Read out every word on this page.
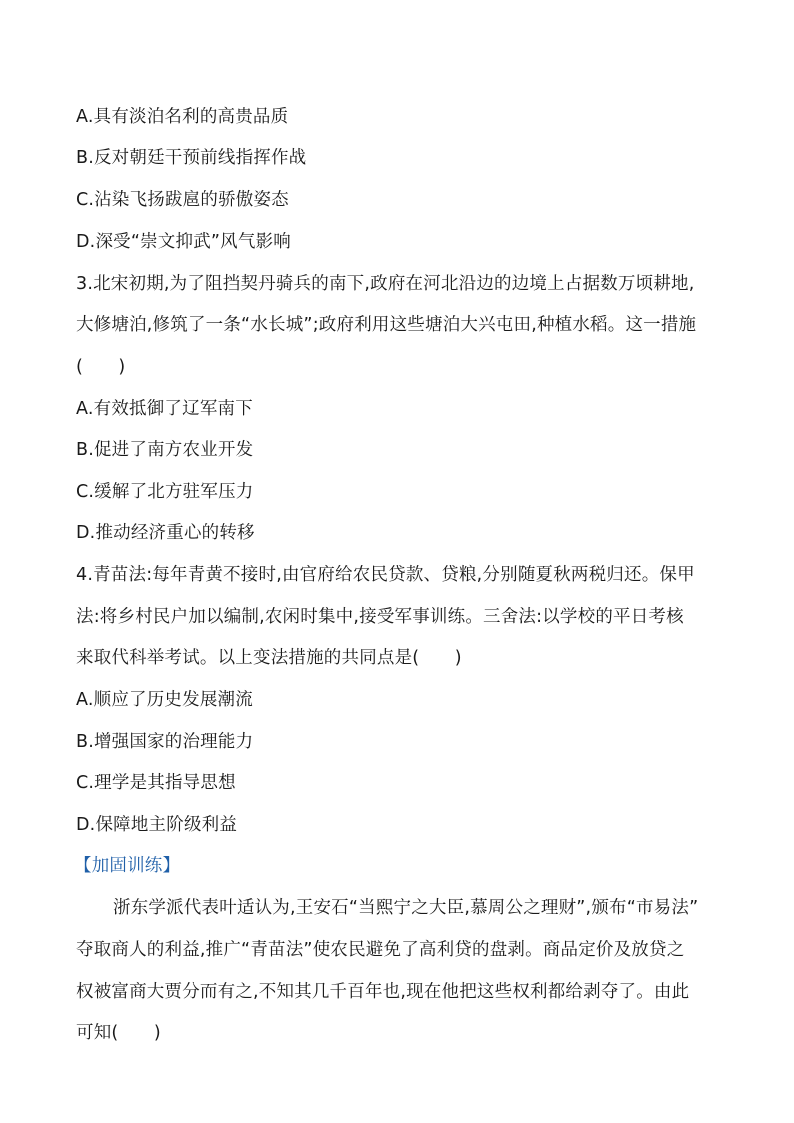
A.具有淡泊名利的高贵品质
B.反对朝廷干预前线指挥作战
C.沾染飞扬跋扈的骄傲姿态
D.深受“崇文抑武”风气影响
3.北宋初期,为了阻挡契丹骑兵的南下,政府在河北沿边的边境上占据数万顷耕地,
大修塘泊,修筑了一条“水长城”;政府利用这些塘泊大兴屯田,种植水稻。这一措施
(　　)
A.有效抵御了辽军南下
B.促进了南方农业开发
C.缓解了北方驻军压力
D.推动经济重心的转移
4.青苗法:每年青黄不接时,由官府给农民贷款、贷粮,分别随夏秋两税归还。保甲
法:将乡村民户加以编制,农闲时集中,接受军事训练。三舍法:以学校的平日考核
来取代科举考试。以上变法措施的共同点是(　　)
A.顺应了历史发展潮流
B.增强国家的治理能力
C.理学是其指导思想
D.保障地主阶级利益
【加固训练】
浙东学派代表叶适认为,王安石“当熙宁之大臣,慕周公之理财”,颁布“市易法”
夺取商人的利益,推广“青苗法”使农民避免了高利贷的盘剥。商品定价及放贷之
权被富商大贾分而有之,不知其几千百年也,现在他把这些权利都给剥夺了。由此
可知(　　)
